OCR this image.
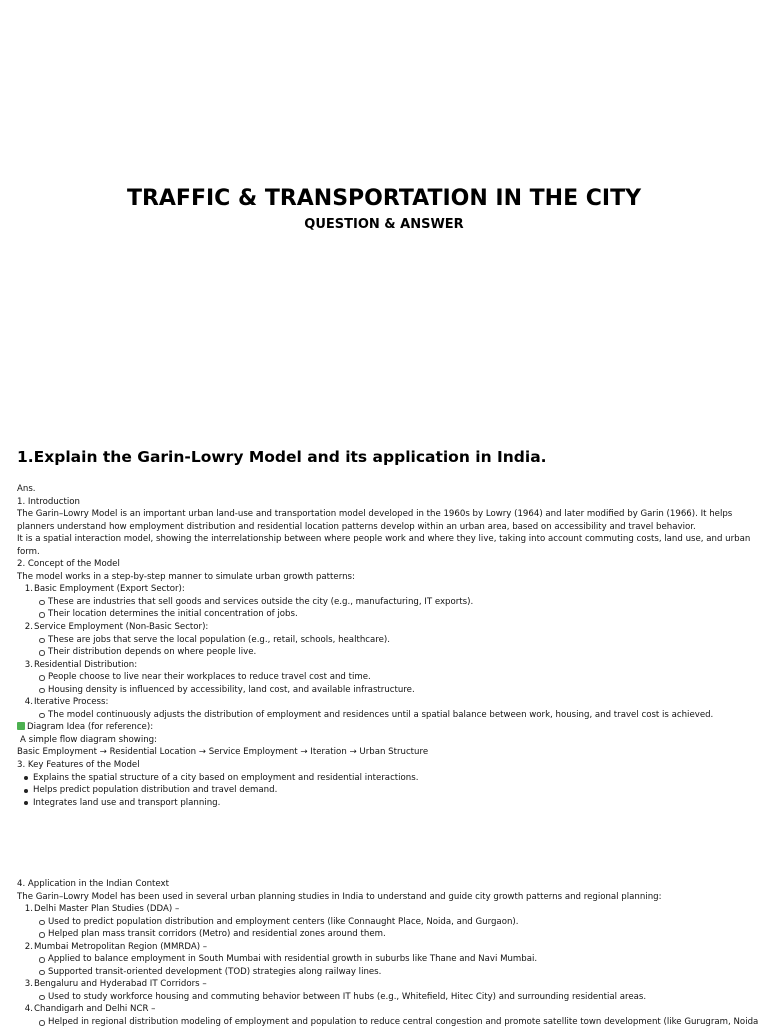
TRAFFIC & TRANSPORTATION IN THE CITY
QUESTION & ANSWER
1.Explain the Garin-Lowry Model and its application in India.
Ans.
1. Introduction
The Garin–Lowry Model is an important urban land-use and transportation model developed in the 1960s by Lowry (1964) and later modified by Garin (1966). It helps planners understand how employment distribution and residential location patterns develop within an urban area, based on accessibility and travel behavior.
It is a spatial interaction model, showing the interrelationship between where people work and where they live, taking into account commuting costs, land use, and urban form.
2. Concept of the Model
The model works in a step-by-step manner to simulate urban growth patterns:
1.Basic Employment (Export Sector):
These are industries that sell goods and services outside the city (e.g., manufacturing, IT exports).
Their location determines the initial concentration of jobs.
2.Service Employment (Non-Basic Sector):
These are jobs that serve the local population (e.g., retail, schools, healthcare).
Their distribution depends on where people live.
3.Residential Distribution:
People choose to live near their workplaces to reduce travel cost and time.
Housing density is influenced by accessibility, land cost, and available infrastructure.
4.Iterative Process:
The model continuously adjusts the distribution of employment and residences until a spatial balance between work, housing, and travel cost is achieved.
Diagram Idea (for reference):
A simple flow diagram showing:
Basic Employment → Residential Location → Service Employment → Iteration → Urban Structure
3. Key Features of the Model
Explains the spatial structure of a city based on employment and residential interactions.
Helps predict population distribution and travel demand.
Integrates land use and transport planning.
4. Application in the Indian Context
The Garin–Lowry Model has been used in several urban planning studies in India to understand and guide city growth patterns and regional planning:
1.Delhi Master Plan Studies (DDA) –
Used to predict population distribution and employment centers (like Connaught Place, Noida, and Gurgaon).
Helped plan mass transit corridors (Metro) and residential zones around them.
2.Mumbai Metropolitan Region (MMRDA) –
Applied to balance employment in South Mumbai with residential growth in suburbs like Thane and Navi Mumbai.
Supported transit-oriented development (TOD) strategies along railway lines.
3.Bengaluru and Hyderabad IT Corridors –
Used to study workforce housing and commuting behavior between IT hubs (e.g., Whitefield, Hitec City) and surrounding residential areas.
4.Chandigarh and Delhi NCR –
Helped in regional distribution modeling of employment and population to reduce central congestion and promote satellite town development (like Gurugram, Noida
